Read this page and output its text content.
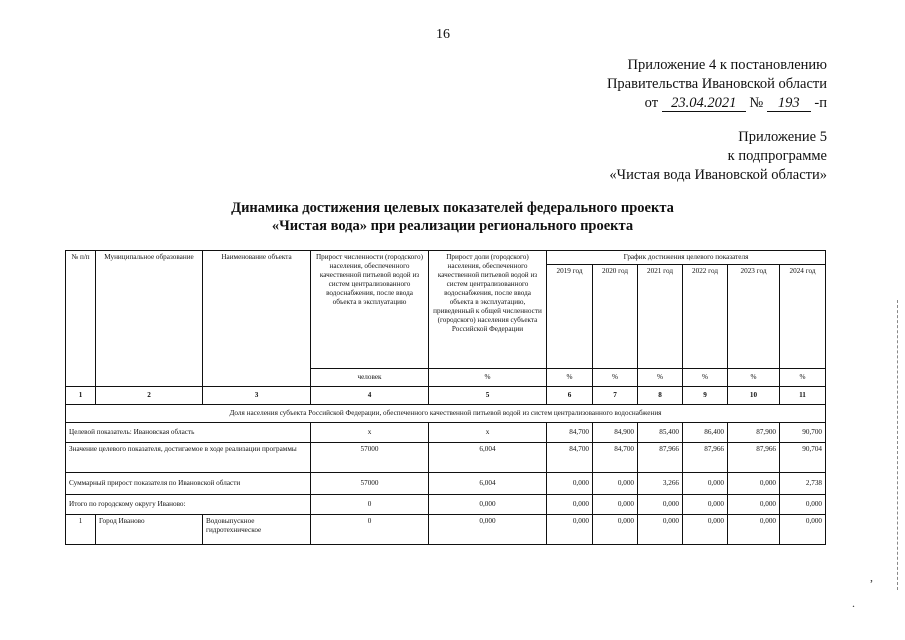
16
Приложение 4 к постановлению
Правительства Ивановской области
от 23.04.2021 № 193 -п
Приложение 5
к подпрограмме
«Чистая вода Ивановской области»
Динамика достижения целевых показателей федерального проекта
«Чистая вода» при реализации регионального проекта
№ п/п	Муниципальное образование	Наименование объекта	Прирост численности (городского) населения, обеспеченного качественной питьевой водой из систем централизованного водоснабжения, после ввода объекта в эксплуатацию	Прирост доли (городского) населения, обеспеченного качественной питьевой водой из систем централизованного водоснабжения, после ввода объекта в эксплуатацию, приведенный к общей численности (городского) населения субъекта Российской Федерации	График достижения целевого показателя					
					2019 год	2020 год	2021 год	2022 год	2023 год	2024 год
			человек	%	%	%	%	%	%	%
1	2	3	4	5	6	7	8	9	10	11
Доля населения субъекта Российской Федерации, обеспеченного качественной питьевой водой из систем централизованного водоснабжения										
Целевой показатель: Ивановская область			х	х	84,700	84,900	85,400	86,400	87,900	90,700
Значение целевого показателя, достигаемое в ходе реализации программы			57000	6,004	84,700	84,700	87,966	87,966	87,966	90,704
Суммарный прирост показателя по Ивановской области			57000	6,004	0,000	0,000	3,266	0,000	0,000	2,738
Итого по городскому округу Иваново:			0	0,000	0,000	0,000	0,000	0,000	0,000	0,000
1	Город Иваново	Водовыпускное гидротехническое	0	0,000	0,000	0,000	0,000	0,000	0,000	0,000
,
.
